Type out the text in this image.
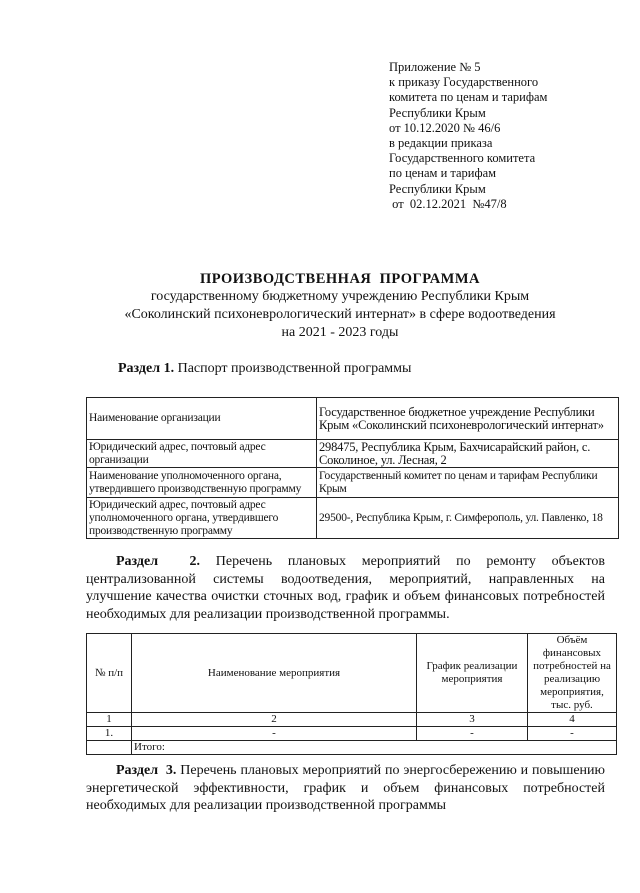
Приложение № 5
к приказу Государственного
комитета по ценам и тарифам
Республики Крым
от 10.12.2020 № 46/6
в редакции приказа
Государственного комитета
по ценам и тарифам
Республики Крым
от  02.12.2021  №47/8
ПРОИЗВОДСТВЕННАЯ  ПРОГРАММА
государственному бюджетному учреждению Республики Крым
«Соколинский психоневрологический интернат» в сфере водоотведения
на 2021 - 2023 годы
Раздел 1. Паспорт производственной программы
Наименование организации	Государственное бюджетное учреждение Республики Крым «Соколинский психоневрологический интернат»
Юридический адрес, почтовый адрес организации	298475, Республика Крым, Бахчисарайский район, с. Соколиное, ул. Лесная, 2
Наименование уполномоченного органа, утвердившего производственную программу	Государственный комитет по ценам и тарифам Республики Крым
Юридический адрес, почтовый адрес уполномоченного органа, утвердившего производственную программу	29500-, Республика Крым, г. Симферополь, ул. Павленко, 18
Раздел  2. Перечень плановых мероприятий по ремонту объектов централизованной системы водоотведения, мероприятий, направленных на улучшение качества очистки сточных вод, график и объем финансовых потребностей необходимых для реализации производственной программы.
№ п/п	Наименование мероприятия	График реализации мероприятия	Объём финансовых потребностей на реализацию мероприятия, тыс. руб.
1	2	3	4
1.	-	-	-
	Итого:		
Раздел  3. Перечень плановых мероприятий по энергосбережению и повышению энергетической эффективности, график и объем финансовых потребностей необходимых для реализации производственной программы
